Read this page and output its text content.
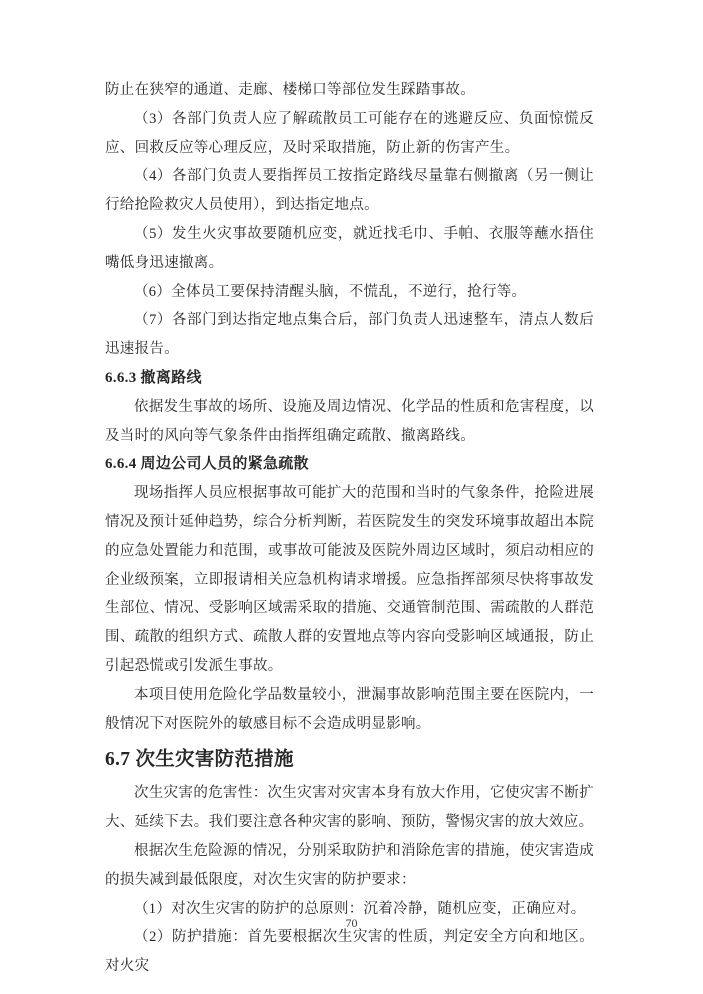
防止在狭窄的通道、走廊、楼梯口等部位发生踩踏事故。

（3）各部门负责人应了解疏散员工可能存在的逃避反应、负面惊慌反应、回救反应等心理反应，及时采取措施，防止新的伤害产生。

（4）各部门负责人要指挥员工按指定路线尽量靠右侧撤离（另一侧让行给抢险救灾人员使用），到达指定地点。

（5）发生火灾事故要随机应变，就近找毛巾、手帕、衣服等蘸水捂住嘴低身迅速撤离。

（6）全体员工要保持清醒头脑，不慌乱，不逆行，抢行等。

（7）各部门到达指定地点集合后，部门负责人迅速整车，清点人数后迅速报告。

6.6.3 撤离路线

依据发生事故的场所、设施及周边情况、化学品的性质和危害程度，以及当时的风向等气象条件由指挥组确定疏散、撤离路线。

6.6.4 周边公司人员的紧急疏散

现场指挥人员应根据事故可能扩大的范围和当时的气象条件，抢险进展情况及预计延伸趋势，综合分析判断，若医院发生的突发环境事故超出本院的应急处置能力和范围，或事故可能波及医院外周边区域时，须启动相应的企业级预案，立即报请相关应急机构请求增援。应急指挥部须尽快将事故发生部位、情况、受影响区域需采取的措施、交通管制范围、需疏散的人群范围、疏散的组织方式、疏散人群的安置地点等内容向受影响区域通报，防止引起恐慌或引发派生事故。

本项目使用危险化学品数量较小，泄漏事故影响范围主要在医院内，一般情况下对医院外的敏感目标不会造成明显影响。

6.7 次生灾害防范措施

次生灾害的危害性：次生灾害对灾害本身有放大作用，它使灾害不断扩大、延续下去。我们要注意各种灾害的影响、预防，警惕灾害的放大效应。

根据次生危险源的情况，分别采取防护和消除危害的措施，使灾害造成的损失减到最低限度，对次生灾害的防护要求：

（1）对次生灾害的防护的总原则：沉着冷静，随机应变，正确应对。

（2）防护措施：首先要根据次生灾害的性质，判定安全方向和地区。对火灾

70
